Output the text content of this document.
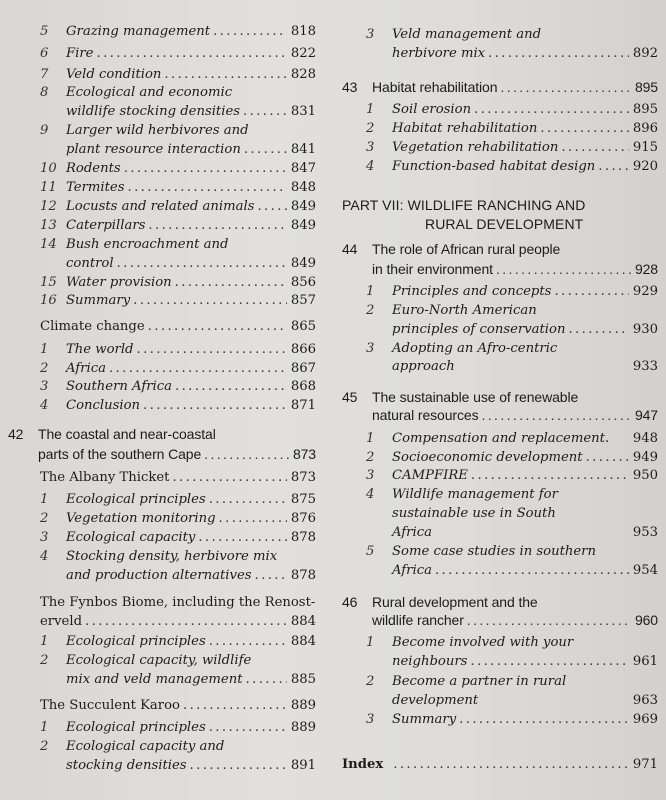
5	Grazing management .....	818
6	Fire .....	822
7	Veld condition .....	828
8	Ecological and economic
wildlife stocking densities .....	831
9	Larger wild herbivores and
plant resource interaction .....	841
10 Rodents .....	847
11 Termites .....	848
12 Locusts and related animals .....	849
13 Caterpillars .....	849
14 Bush encroachment and
control .....	849
15 Water provision .....	856
16 Summary .....	857
Climate change .....	865
1	The world .....	866
2	Africa .....	867
3	Southern Africa .....	868
4	Conclusion .....	871
42	The coastal and near-coastal
parts of the southern Cape .....	873
The Albany Thicket .....	873
1	Ecological principles .....	875
2	Vegetation monitoring .....	876
3	Ecological capacity .....	878
4	Stocking density, herbivore mix
and production alternatives .....	878
The Fynbos Biome, including the Renost-
erveld .....	884
1	Ecological principles .....	884
2	Ecological capacity, wildlife
mix and veld management .....	885
The Succulent Karoo .....	889
1	Ecological principles .....	889
2	Ecological capacity and
stocking densities .....	891
3	Veld management and
herbivore mix .....	892
43	Habitat rehabilitation .....	895
1	Soil erosion .....	895
2	Habitat rehabilitation .....	896
3	Vegetation rehabilitation .....	915
4	Function-based habitat design .....	920
PART VII: WILDLIFE RANCHING AND
RURAL DEVELOPMENT
44	The role of African rural people
in their environment .....	928
1	Principles and concepts .....	929
2	Euro-North American
principles of conservation .....	930
3	Adopting an Afro-centric
approach	933
45	The sustainable use of renewable
natural resources .....	947
1	Compensation and replacement. 948
2	Socioeconomic development .....	949
3	CAMPFIRE .....	950
4	Wildlife management for
sustainable use in South
Africa	953
5	Some case studies in southern
Africa .....	954
46	Rural development and the
wildlife rancher .....	960
1	Become involved with your
neighbours .....	961
2	Become a partner in rural
development	963
3	Summary .....	969
Index .....	971
